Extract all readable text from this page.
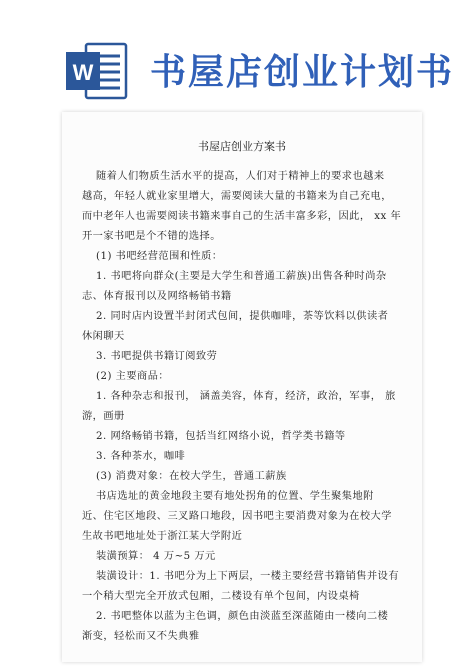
W 书屋店创业计划书
书屋店创业方案书
随着人们物质生活水平的提高，人们对于精神上的要求也越来
越高，年轻人就业家里增大，需要阅读大量的书籍来为自己充电，
而中老年人也需要阅读书籍来事自己的生活丰富多彩，因此， xx 年
开一家书吧是个不错的选择。
(1) 书吧经营范围和性质：
1. 书吧将向群众(主要是大学生和普通工薪族)出售各种时尚杂
志、体育报刊以及网络畅销书籍
2. 同时店内设置半封闭式包间，提供咖啡，茶等饮料以供读者
休闲聊天
3. 书吧提供书籍订阅致劳
(2) 主要商品：
1. 各种杂志和报刊， 涵盖美容，体育，经济，政治，军事， 旅
游，画册
2. 网络畅销书籍，包括当红网络小说，哲学类书籍等
3. 各种茶水，咖啡
(3) 消费对象：在校大学生，普通工薪族
书店选址的黄金地段主要有地处拐角的位置、学生聚集地附
近、住宅区地段、三叉路口地段，因书吧主要消费对象为在校大学
生故书吧地址处于浙江某大学附近
装潢预算： 4 万~5 万元
装潢设计：1. 书吧分为上下两层，一楼主要经营书籍销售并设有
一个稍大型完全开放式包厢，二楼设有单个包间，内设桌椅
2. 书吧整体以蓝为主色调，颜色由淡蓝至深蓝随由一楼向二楼
渐变，轻松而又不失典雅
